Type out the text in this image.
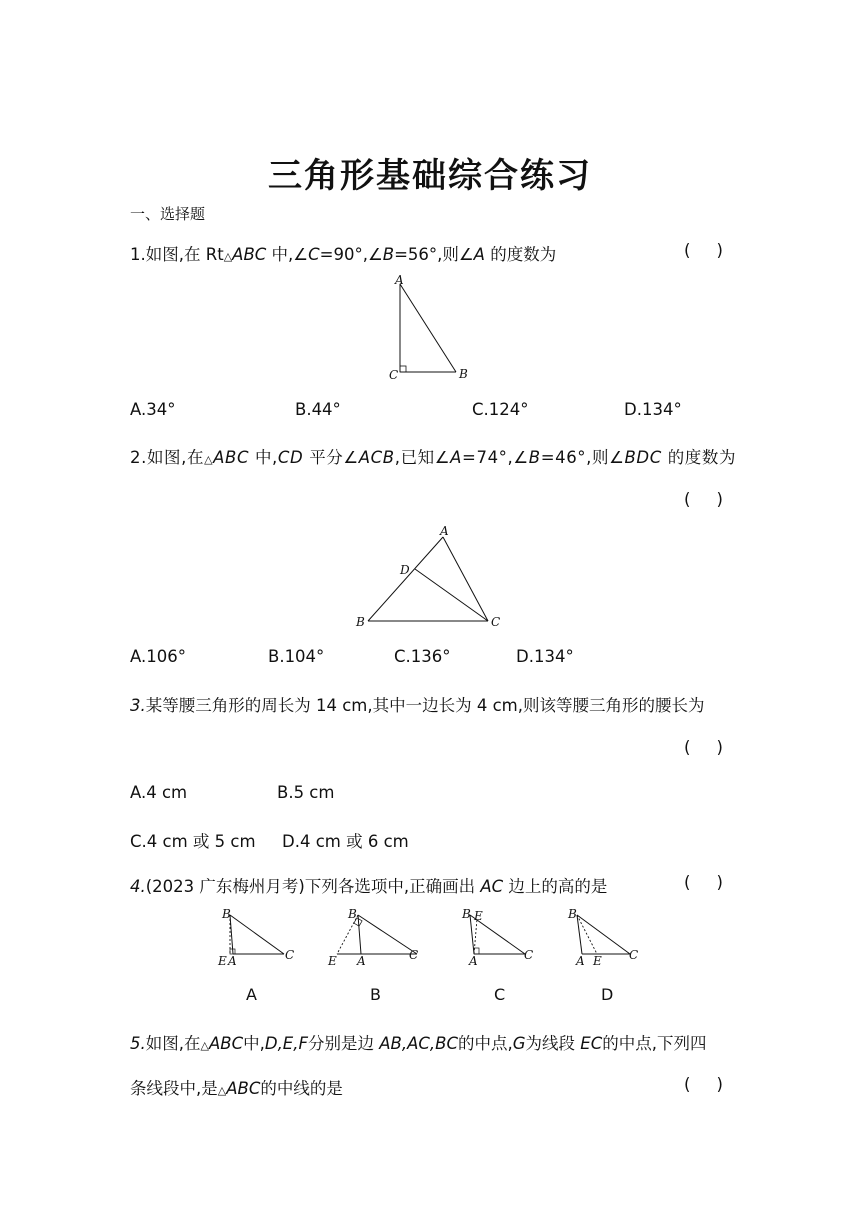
三角形基础综合练习
一、选择题
1.如图,在 Rt△ABC 中,∠C=90°,∠B=56°,则∠A 的度数为	( )
A
C	B
A.34°	B.44°	C.124°	D.134°
2.如图,在△ABC 中,CD 平分∠ACB,已知∠A=74°,∠B=46°,则∠BDC 的度数为
( )
A
D
B	C
A.106°	B.104°	C.136°	D.134°
3.某等腰三角形的周长为 14 cm,其中一边长为 4 cm,则该等腰三角形的腰长为
( )
A.4 cm	B.5 cm
C.4 cm 或 5 cm D.4 cm 或 6 cm
4.(2023 广东梅州月考)下列各选项中,正确画出 AC 边上的高的是	( )
B
E A	C
A
B
E A	C
B
B E
A	C
C
B
A E C
D
5.如图,在△ABC中,D,E,F分别是边 AB,AC,BC的中点,G为线段 EC的中点,下列四
条线段中,是△ABC的中线的是	( )
